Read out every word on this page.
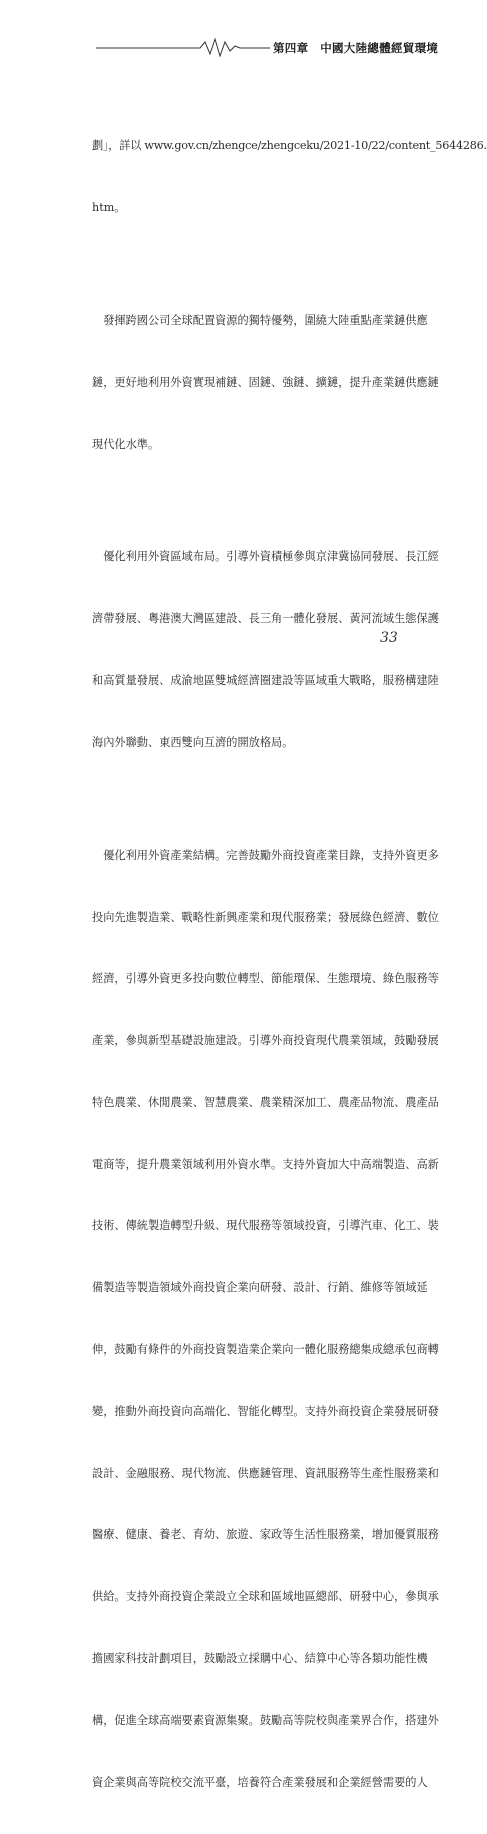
第四章　中國大陸總體經貿環境

劃」，詳以 www.gov.cn/zhengce/zhengceku/2021-10/22/content_5644286.

htm。

　發揮跨國公司全球配置資源的獨特優勢，圍繞大陸重點產業鏈供應

鏈，更好地利用外資實現補鏈、固鏈、強鏈、擴鏈，提升產業鏈供應鏈

現代化水準。

　優化利用外資區域布局。引導外資積極參與京津冀協同發展、長江經

濟帶發展、粵港澳大灣區建設、長三角一體化發展、黃河流域生態保護

和高質量發展、成渝地區雙城經濟圈建設等區域重大戰略，服務構建陸

海內外聯動、東西雙向互濟的開放格局。

　優化利用外資產業結構。完善鼓勵外商投資產業目錄，支持外資更多

投向先進製造業、戰略性新興產業和現代服務業；發展綠色經濟、數位

經濟，引導外資更多投向數位轉型、節能環保、生態環境、綠色服務等

產業，參與新型基礎設施建設。引導外商投資現代農業領域，鼓勵發展

特色農業、休閒農業、智慧農業、農業精深加工、農產品物流、農產品

電商等，提升農業領域利用外資水準。支持外資加大中高端製造、高新

技術、傳統製造轉型升級、現代服務等領域投資，引導汽車、化工、裝

備製造等製造領域外商投資企業向研發、設計、行銷、維修等領域延

伸，鼓勵有條件的外商投資製造業企業向一體化服務總集成總承包商轉

變，推動外商投資向高端化、智能化轉型。支持外商投資企業發展研發

設計、金融服務、現代物流、供應鏈管理、資訊服務等生產性服務業和

醫療、健康、養老、育幼、旅遊、家政等生活性服務業，增加優質服務

供給。支持外商投資企業設立全球和區域地區總部、研發中心，參與承

擔國家科技計劃項目，鼓勵設立採購中心、結算中心等各類功能性機

構，促進全球高端要素資源集聚。鼓勵高等院校與產業界合作，搭建外

資企業與高等院校交流平臺，培養符合產業發展和企業經營需要的人

33
